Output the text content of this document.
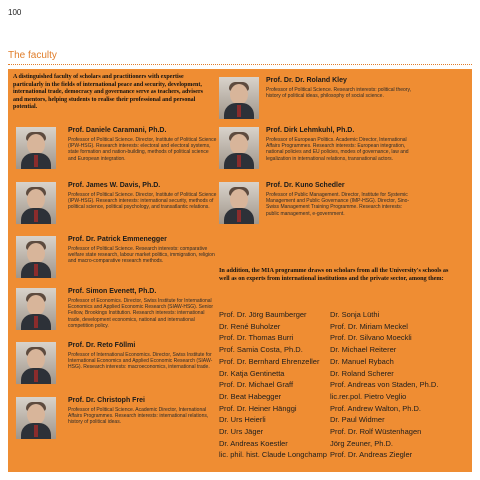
100
The faculty
A distinguished faculty of scholars and practitioners with expertise particularly in the fields of international peace and security, development, international trade, democracy and governance serve as teachers, advisers and mentors, helping students to realise their professional and personal potential.
Prof. Daniele Caramani, Ph.D.
Professor of Political Science. Director, Institute of Political Science (IPW-HSG). Research interests: electoral and electoral systems, state formation and nation-building, methods of political science and European integration.
Prof. James W. Davis, Ph.D.
Professor of Political Science. Director, Institute of Political Science (IPW-HSG). Research interests: international security, methods of political science, political psychology, and transatlantic relations.
Prof. Dr. Patrick Emmenegger
Professor of Political Science. Research interests: comparative welfare state research, labour market politics, immigration, religion and macro-comparative research methods.
Prof. Simon Evenett, Ph.D.
Professor of Economics. Director, Swiss Institute for International Economics and Applied Economic Research (SIAW-HSG). Senior Fellow, Brookings Institution. Research interests: international trade, development economics, national and international competition policy.
Prof. Dr. Reto Föllmi
Professor of International Economics. Director, Swiss Institute for International Economics and Applied Economic Research (SIAW-HSG). Research interests: macroeconomics, international trade.
Prof. Dr. Christoph Frei
Professor of Political Science. Academic Director, International Affairs Programmes. Research interests: international relations, history of political ideas.
Prof. Dr. Dr. Roland Kley
Professor of Political Science. Research interests: political theory, history of political ideas, philosophy of social science.
Prof. Dirk Lehmkuhl, Ph.D.
Professor of European Politics. Academic Director, International Affairs Programmes. Research interests: European integration, national policies and EU policies, modes of governance, law and legalization in international relations, transnational actors.
Prof. Dr. Kuno Schedler
Professor of Public Management. Director, Institute for Systemic Management and Public Governance (IMP-HSG). Director, Sino-Swiss Management Training Programme. Research interests: public management, e-government.
In addition, the MIA programme draws on scholars from all the University's schools as well as on experts from international institutions and the private sector, among them:
Prof. Dr. Jörg Baumberger
Dr. René Buholzer
Prof. Dr. Thomas Burri
Prof. Samia Costa, Ph.D.
Prof. Dr. Bernhard Ehrenzeller
Dr. Katja Gentinetta
Prof. Dr. Michael Graff
Dr. Beat Habegger
Prof. Dr. Heiner Hänggi
Dr. Urs Heierli
Dr. Urs Jäger
Dr. Andreas Koestler
lic. phil. hist. Claude Longchamp
Dr. Sonja Lüthi
Prof. Dr. Miriam Meckel
Prof. Dr. Silvano Moeckli
Dr. Michael Reiterer
Dr. Manuel Rybach
Dr. Roland Scherer
Prof. Andreas von Staden, Ph.D.
lic.rer.pol. Pietro Veglio
Prof. Andrew Walton, Ph.D.
Dr. Paul Widmer
Prof. Dr. Rolf Wüstenhagen
Jörg Zeuner, Ph.D.
Prof. Dr. Andreas Ziegler
